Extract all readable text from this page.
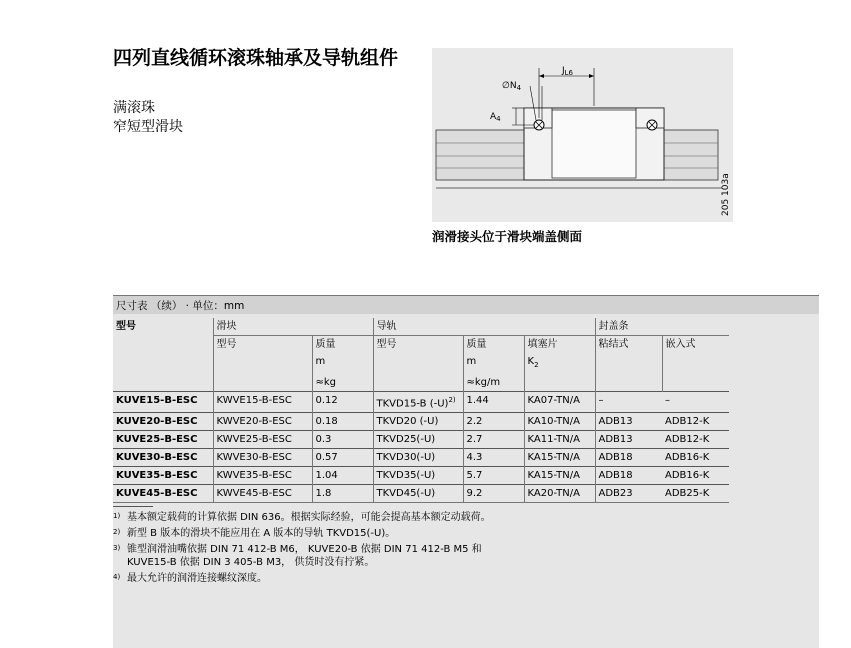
四列直线循环滚珠轴承及导轨组件
满滚珠
窄短型滑块
$\emptyset N_4$
$A_4$
$J_{L6}$
205 103a
润滑接头位于滑块端盖侧面
尺寸表 （续） · 单位：mm
型号	滑块		导轨			封盖条	
	型号	质量	型号	质量	填塞片	粘结式	嵌入式
		m		m	$K_2$		
		≈kg		≈kg/m			
KUVE15-B-ESC	KWVE15-B-ESC	0.12	TKVD15-B $(-U)^{2)}$	1.44	KA07-TN/A	–	–
KUVE20-B-ESC	KWVE20-B-ESC	0.18	TKVD20 (-U)	2.2	KA10-TN/A	ADB13	ADB12-K
KUVE25-B-ESC	KWVE25-B-ESC	0.3	TKVD25(-U)	2.7	KA11-TN/A	ADB13	ADB12-K
KUVE30-B-ESC	KWVE30-B-ESC	0.57	TKVD30(-U)	4.3	KA15-TN/A	ADB18	ADB16-K
KUVE35-B-ESC	KWVE35-B-ESC	1.04	TKVD35(-U)	5.7	KA15-TN/A	ADB18	ADB16-K
KUVE45-B-ESC	KWVE45-B-ESC	1.8	TKVD45(-U)	9.2	KA20-TN/A	ADB23	ADB25-K
1) 基本额定载荷的计算依据 DIN 636。根据实际经验，可能会提高基本额定动载荷。
2) 新型 B 版本的滑块不能应用在 A 版本的导轨 TKVD15(-U)。
3) 锥型润滑油嘴依据 DIN 71 412-B M6， KUVE20-B 依据 DIN 71 412-B M5 和
KUVE15-B 依据 DIN 3 405-B M3， 供货时没有拧紧。
4) 最大允许的润滑连接螺纹深度。
